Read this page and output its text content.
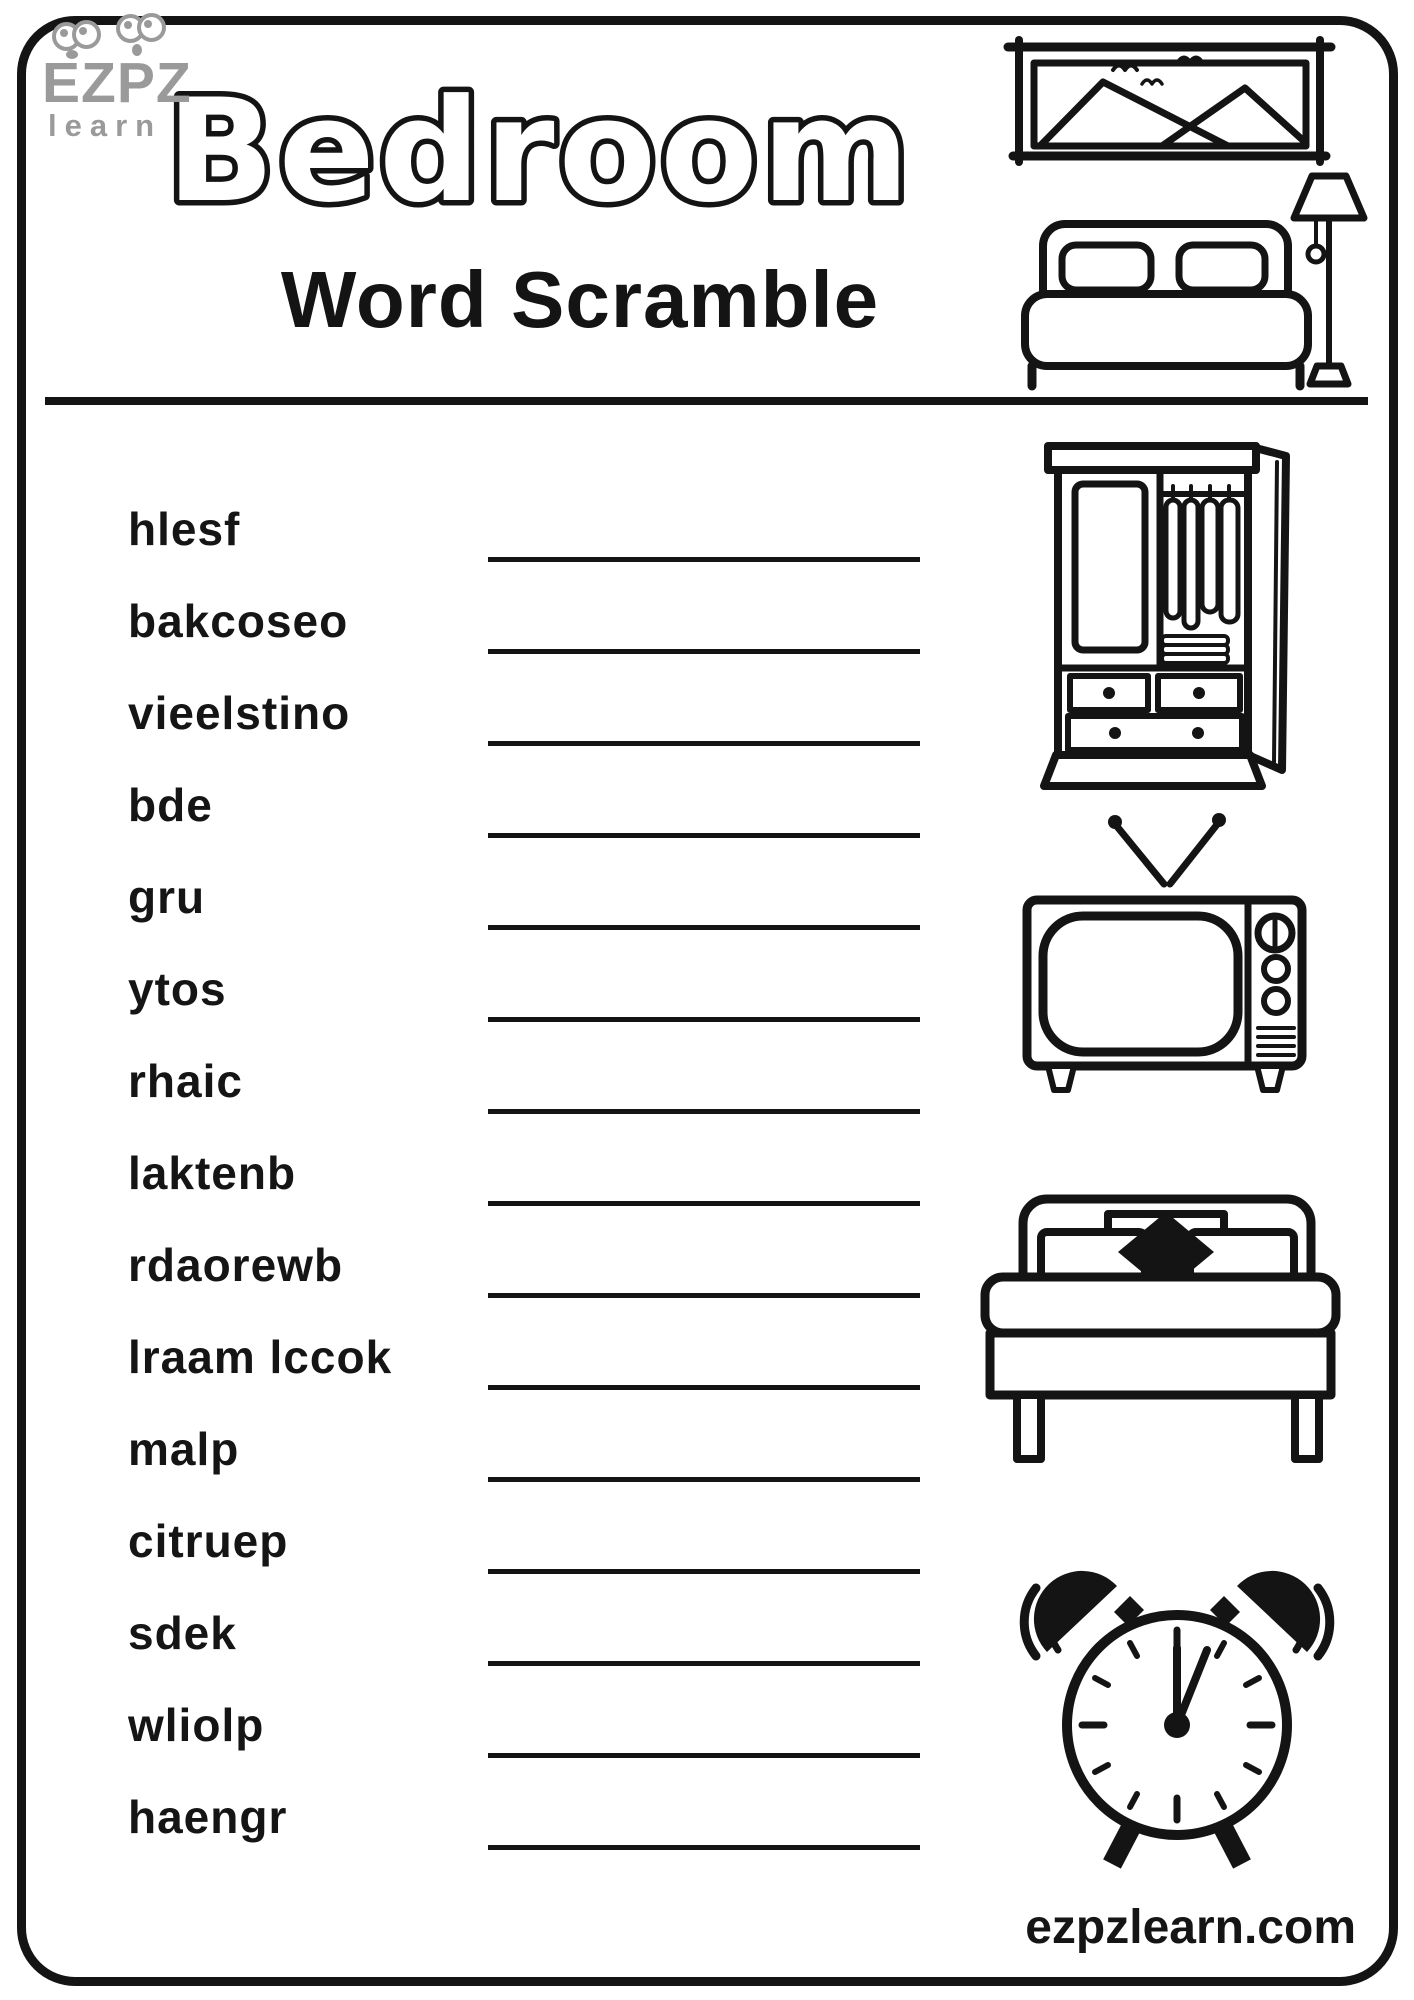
EZPZ
learn Bedroom
Word Scramble
hlesf
bakcoseo
vieelstino
bde
gru
ytos
rhaic
laktenb
rdaorewb
lraam lccok
malp
citruep
sdek
wliolp
haengr
ezpzlearn.com
